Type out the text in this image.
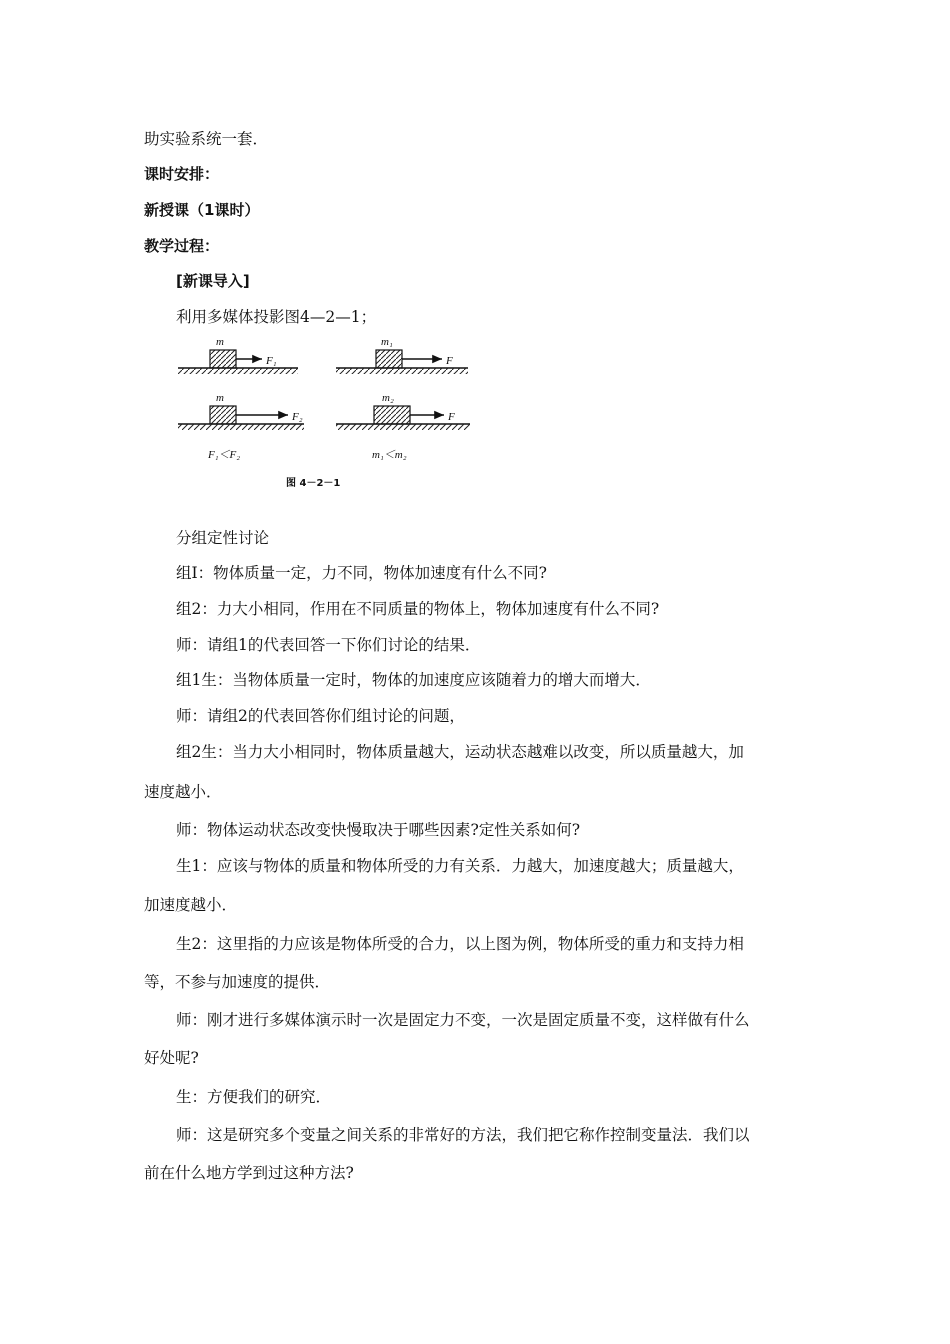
助实验系统一套．
课时安排：
新授课（1课时）
教学过程：
[新课导入]
利用多媒体投影图4—2—1；
m
F₁
m₁
F
m
F₂
m₂
F
F₁＜F₂	m₁＜m₂
图 4－2－1
分组定性讨论
组Ⅰ：物体质量一定，力不同，物体加速度有什么不同?
组2：力大小相同，作用在不同质量的物体上，物体加速度有什么不同?
师：请组1的代表回答一下你们讨论的结果．
组1生：当物体质量一定时，物体的加速度应该随着力的增大而增大．
师：请组2的代表回答你们组讨论的问题，
组2生：当力大小相同时，物体质量越大，运动状态越难以改变，所以质量越大，加
速度越小．
师：物体运动状态改变快慢取决于哪些因素?定性关系如何?
生1：应该与物体的质量和物体所受的力有关系．力越大，加速度越大；质量越大，
加速度越小．
生2：这里指的力应该是物体所受的合力，以上图为例，物体所受的重力和支持力相
等，不参与加速度的提供．
师：刚才进行多媒体演示时一次是固定力不变，一次是固定质量不变，这样做有什么
好处呢?
生：方便我们的研究．
师：这是研究多个变量之间关系的非常好的方法，我们把它称作控制变量法．我们以
前在什么地方学到过这种方法?
